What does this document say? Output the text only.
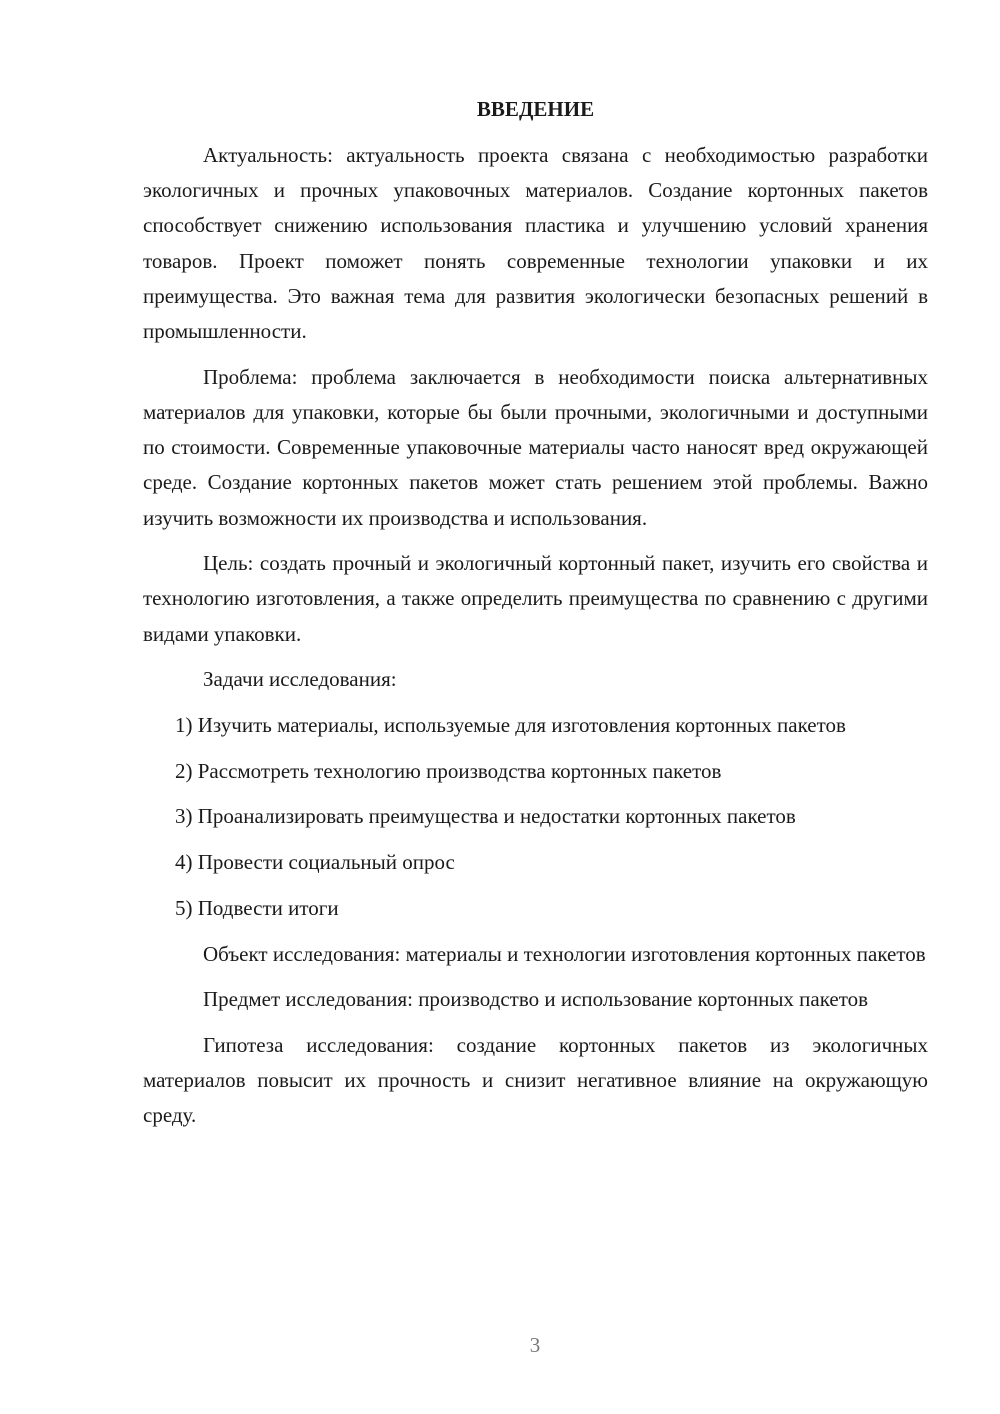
ВВЕДЕНИЕ

Актуальность: актуальность проекта связана с необходимостью разработки экологичных и прочных упаковочных материалов. Создание кортонных пакетов способствует снижению использования пластика и улучшению условий хранения товаров. Проект поможет понять современные технологии упаковки и их преимущества. Это важная тема для развития экологически безопасных решений в промышленности.

Проблема: проблема заключается в необходимости поиска альтернативных материалов для упаковки, которые бы были прочными, экологичными и доступными по стоимости. Современные упаковочные материалы часто наносят вред окружающей среде. Создание кортонных пакетов может стать решением этой проблемы. Важно изучить возможности их производства и использования.

Цель: создать прочный и экологичный кортонный пакет, изучить его свойства и технологию изготовления, а также определить преимущества по сравнению с другими видами упаковки.

Задачи исследования:

1) Изучить материалы, используемые для изготовления кортонных пакетов

2) Рассмотреть технологию производства кортонных пакетов

3) Проанализировать преимущества и недостатки кортонных пакетов

4) Провести социальный опрос

5) Подвести итоги

Объект исследования: материалы и технологии изготовления кортонных пакетов

Предмет исследования: производство и использование кортонных пакетов

Гипотеза исследования: создание кортонных пакетов из экологичных материалов повысит их прочность и снизит негативное влияние на окружающую среду.

3
